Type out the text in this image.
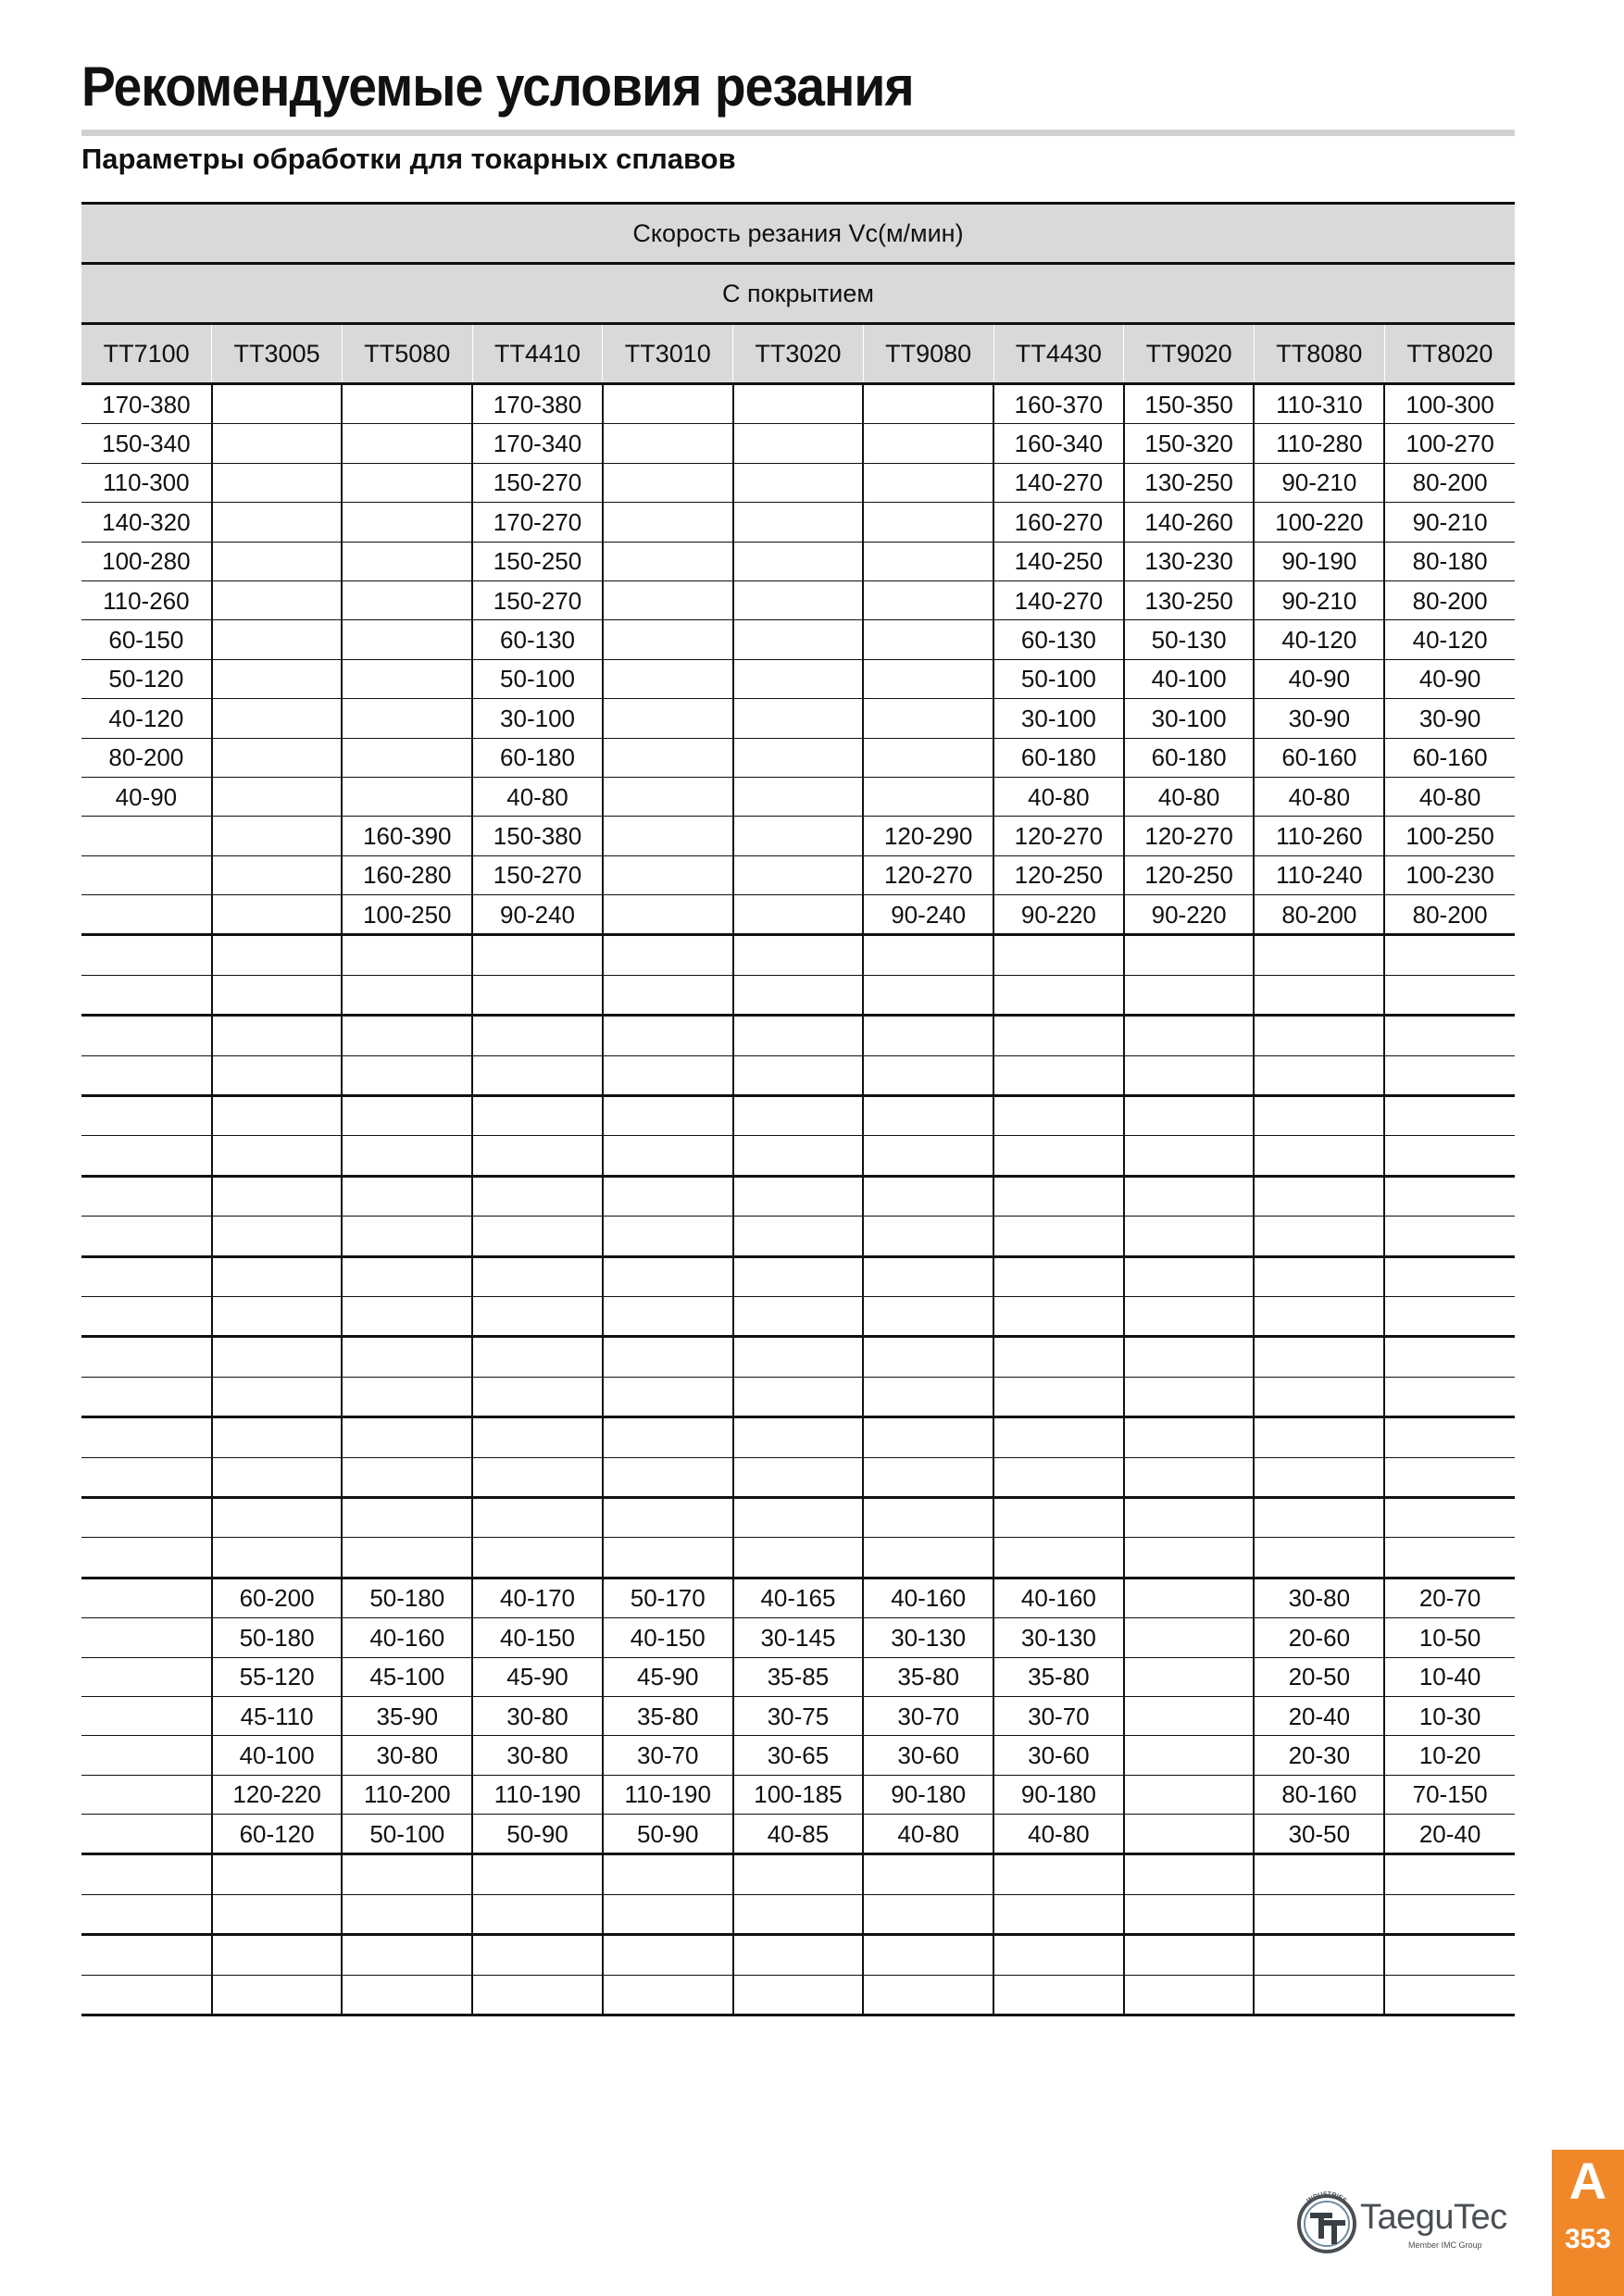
Рекомендуемые условия резания
Параметры обработки для токарных сплавов
Скорость резания Vc(м/мин)										
С покрытием										
TT7100	TT3005	TT5080	TT4410	TT3010	TT3020	TT9080	TT4430	TT9020	TT8080	TT8020
170-380			170-380				160-370	150-350	110-310	100-300
150-340			170-340				160-340	150-320	110-280	100-270
110-300			150-270				140-270	130-250	90-210	80-200
140-320			170-270				160-270	140-260	100-220	90-210
100-280			150-250				140-250	130-230	90-190	80-180
110-260			150-270				140-270	130-250	90-210	80-200
60-150			60-130				60-130	50-130	40-120	40-120
50-120			50-100				50-100	40-100	40-90	40-90
40-120			30-100				30-100	30-100	30-90	30-90
80-200			60-180				60-180	60-180	60-160	60-160
40-90			40-80				40-80	40-80	40-80	40-80
		160-390	150-380			120-290	120-270	120-270	110-260	100-250
		160-280	150-270			120-270	120-250	120-250	110-240	100-230
		100-250	90-240			90-240	90-220	90-220	80-200	80-200

	60-200	50-180	40-170	50-170	40-165	40-160	40-160		30-80	20-70
	50-180	40-160	40-150	40-150	30-145	30-130	30-130		20-60	10-50
	55-120	45-100	45-90	45-90	35-85	35-80	35-80		20-50	10-40
	45-110	35-90	30-80	35-80	30-75	30-70	30-70		20-40	10-30
	40-100	30-80	30-80	30-70	30-65	30-60	30-60		20-30	10-20
	120-220	110-200	110-190	110-190	100-185	90-180	90-180		80-160	70-150
	60-120	50-100	50-90	50-90	40-85	40-80	40-80		30-50	20-40

INDUSTRIES TaeguTec
Member IMC Group
A
353
